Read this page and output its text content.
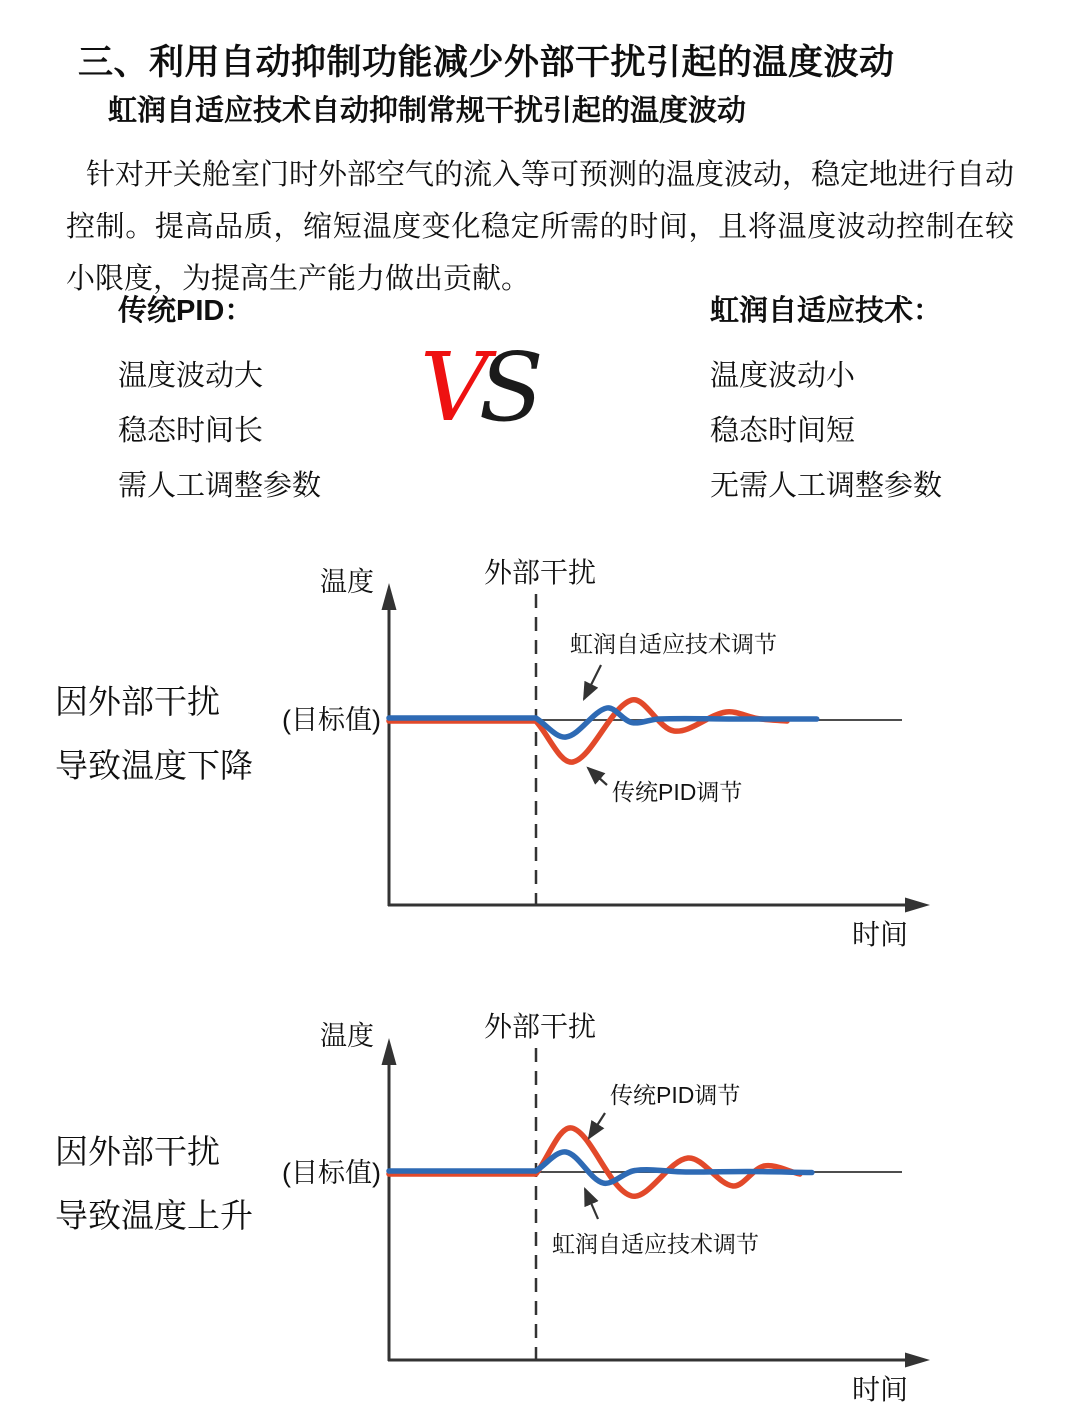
三、利用自动抑制功能减少外部干扰引起的温度波动
虹润自适应技术自动抑制常规干扰引起的温度波动

针对开关舱室门时外部空气的流入等可预测的温度波动，稳定地进行自动控制。提高品质，缩短温度变化稳定所需的时间，且将温度波动控制在较小限度，为提高生产能力做出贡献。

传统PID：
温度波动大
稳态时间长
需人工调整参数
VS
虹润自适应技术：
温度波动小
稳态时间短
无需人工调整参数
因外部干扰
导致温度下降
温度	外部干扰
(目标值)
时间
虹润自适应技术调节
传统PID调节
因外部干扰
导致温度上升
温度	外部干扰
(目标值)
时间
传统PID调节
虹润自适应技术调节
